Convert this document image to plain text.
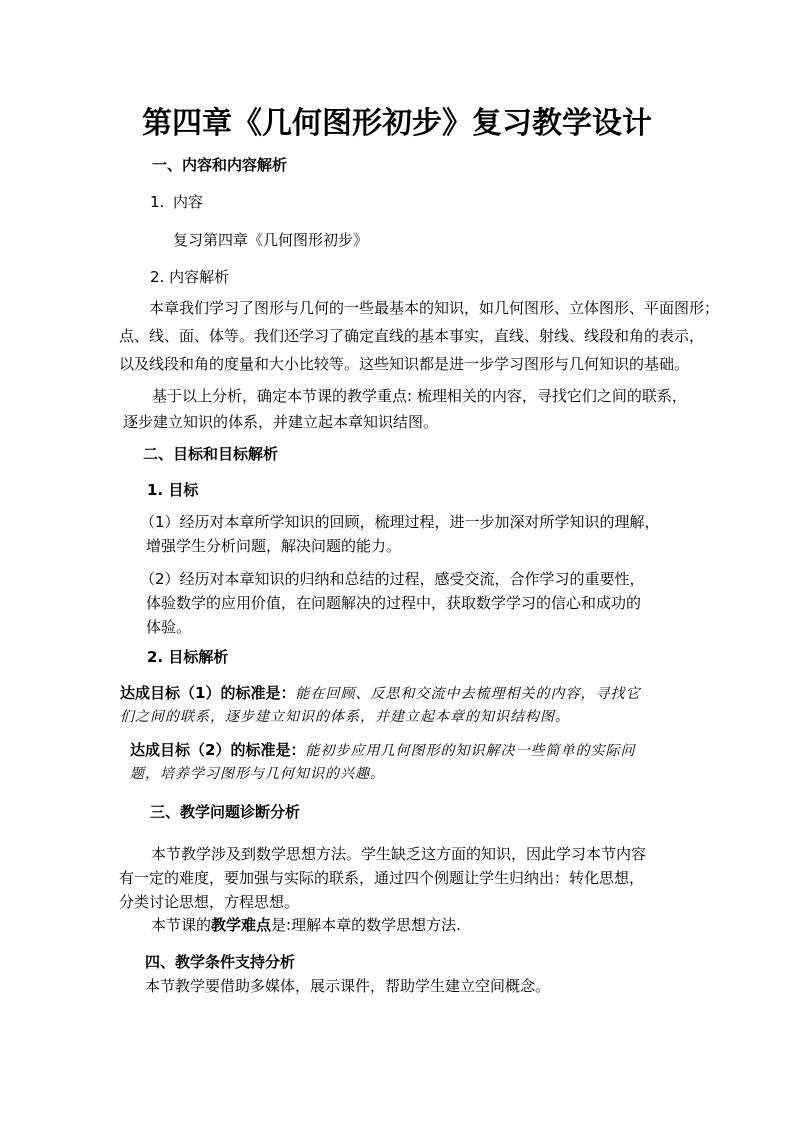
第四章《几何图形初步》复习教学设计
一、内容和内容解析
1. 内容
复习第四章《几何图形初步》
2. 内容解析
本章我们学习了图形与几何的一些最基本的知识，如几何图形、立体图形、平面图形；
点、线、面、体等。我们还学习了确定直线的基本事实，直线、射线、线段和角的表示，
以及线段和角的度量和大小比较等。这些知识都是进一步学习图形与几何知识的基础。
基于以上分析，确定本节课的教学重点: 梳理相关的内容，寻找它们之间的联系，
逐步建立知识的体系，并建立起本章知识结图。
二、目标和目标解析
1. 目标
（1）经历对本章所学知识的回顾，梳理过程，进一步加深对所学知识的理解，
增强学生分析问题，解决问题的能力。
（2）经历对本章知识的归纳和总结的过程，感受交流，合作学习的重要性，
体验数学的应用价值，在问题解决的过程中，获取数学学习的信心和成功的
体验。
2. 目标解析
达成目标（1）的标准是：能在回顾、反思和交流中去梳理相关的内容，寻找它
们之间的联系，逐步建立知识的体系，并建立起本章的知识结构图。
达成目标（2）的标准是：能初步应用几何图形的知识解决一些简单的实际问
题，培养学习图形与几何知识的兴趣。
三、教学问题诊断分析
本节教学涉及到数学思想方法。学生缺乏这方面的知识，因此学习本节内容
有一定的难度，要加强与实际的联系，通过四个例题让学生归纳出：转化思想，
分类讨论思想，方程思想。
本节课的教学难点是:理解本章的数学思想方法.
四、教学条件支持分析
本节教学要借助多媒体，展示课件，帮助学生建立空间概念。
